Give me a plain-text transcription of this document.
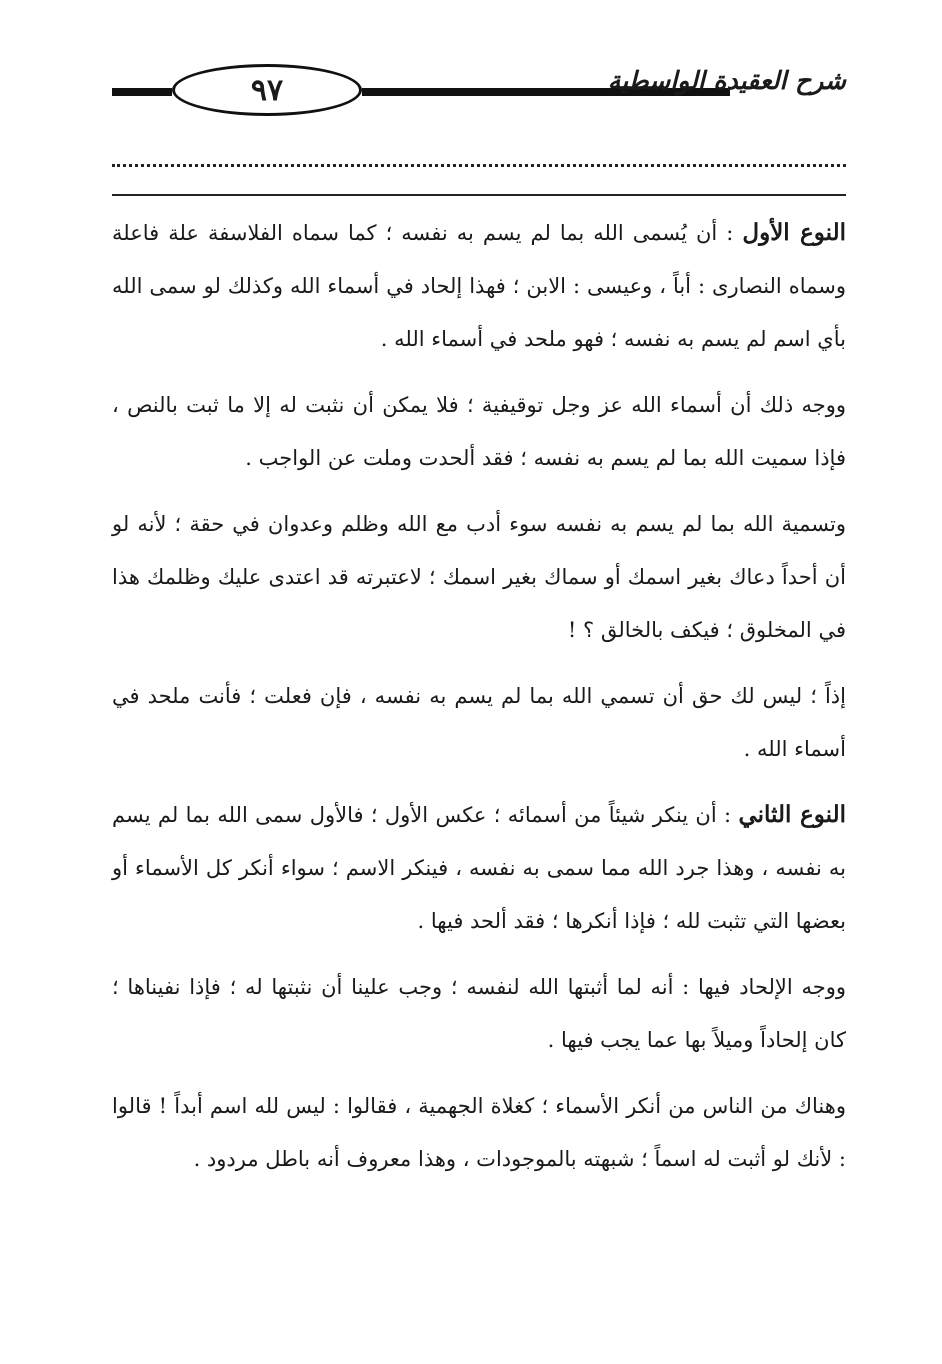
٩٧	شرح العقيدة الواسطية

النوع الأول : أن يُسمى الله بما لم يسم به نفسه ؛ كما سماه الفلاسفة علة فاعلة وسماه النصارى : أباً ، وعيسى : الابن ؛ فهذا إلحاد في أسماء الله وكذلك لو سمى الله بأي اسم لم يسم به نفسه ؛ فهو ملحد في أسماء الله .

ووجه ذلك أن أسماء الله عز وجل توقيفية ؛ فلا يمكن أن نثبت له إلا ما ثبت بالنص ، فإذا سميت الله بما لم يسم به نفسه ؛ فقد ألحدت وملت عن الواجب .

وتسمية الله بما لم يسم به نفسه سوء أدب مع الله وظلم وعدوان في حقة ؛ لأنه لو أن أحداً دعاك بغير اسمك أو سماك بغير اسمك ؛ لاعتبرته قد اعتدى عليك وظلمك هذا في المخلوق ؛ فيكف بالخالق ؟ !

إذاً ؛ ليس لك حق أن تسمي الله بما لم يسم به نفسه ، فإن فعلت ؛ فأنت ملحد في أسماء الله .

النوع الثاني : أن ينكر شيئاً من أسمائه ؛ عكس الأول ؛ فالأول سمى الله بما لم يسم به نفسه ، وهذا جرد الله مما سمى به نفسه ، فينكر الاسم ؛ سواء أنكر كل الأسماء أو بعضها التي تثبت لله ؛ فإذا أنكرها ؛ فقد ألحد فيها .

ووجه الإلحاد فيها : أنه لما أثبتها الله لنفسه ؛ وجب علينا أن نثبتها له ؛ فإذا نفيناها ؛ كان إلحاداً وميلاً بها عما يجب فيها .

وهناك من الناس من أنكر الأسماء ؛ كغلاة الجهمية ، فقالوا : ليس لله اسم أبداً ! قالوا : لأنك لو أثبت له اسماً ؛ شبهته بالموجودات ، وهذا معروف أنه باطل مردود .
